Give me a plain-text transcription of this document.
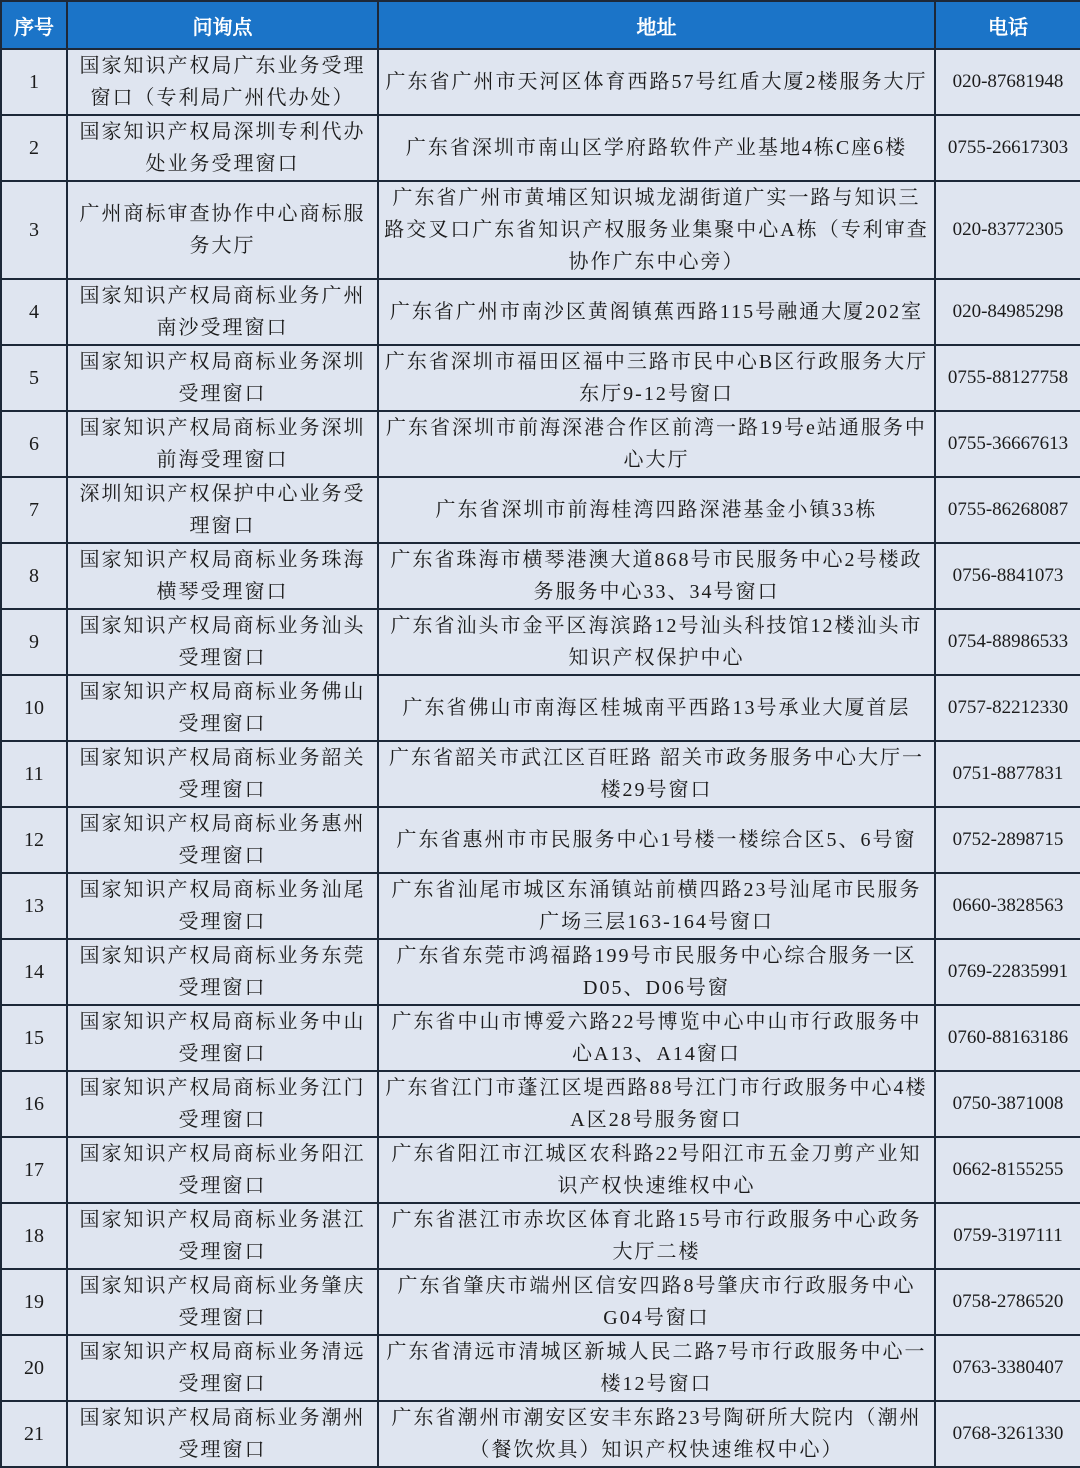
序号	问询点	地址	电话
1	国家知识产权局广东业务受理窗口（专利局广州代办处）	广东省广州市天河区体育西路57号红盾大厦2楼服务大厅	020-87681948
2	国家知识产权局深圳专利代办处业务受理窗口	广东省深圳市南山区学府路软件产业基地4栋C座6楼	0755-26617303
3	广州商标审查协作中心商标服务大厅	广东省广州市黄埔区知识城龙湖街道广实一路与知识三路交叉口广东省知识产权服务业集聚中心A栋（专利审查协作广东中心旁）	020-83772305
4	国家知识产权局商标业务广州南沙受理窗口	广东省广州市南沙区黄阁镇蕉西路115号融通大厦202室	020-84985298
5	国家知识产权局商标业务深圳受理窗口	广东省深圳市福田区福中三路市民中心B区行政服务大厅东厅9-12号窗口	0755-88127758
6	国家知识产权局商标业务深圳前海受理窗口	广东省深圳市前海深港合作区前湾一路19号e站通服务中心大厅	0755-36667613
7	深圳知识产权保护中心业务受理窗口	广东省深圳市前海桂湾四路深港基金小镇33栋	0755-86268087
8	国家知识产权局商标业务珠海横琴受理窗口	广东省珠海市横琴港澳大道868号市民服务中心2号楼政务服务中心33、34号窗口	0756-8841073
9	国家知识产权局商标业务汕头受理窗口	广东省汕头市金平区海滨路12号汕头科技馆12楼汕头市知识产权保护中心	0754-88986533
10	国家知识产权局商标业务佛山受理窗口	广东省佛山市南海区桂城南平西路13号承业大厦首层	0757-82212330
11	国家知识产权局商标业务韶关受理窗口	广东省韶关市武江区百旺路 韶关市政务服务中心大厅一楼29号窗口	0751-8877831
12	国家知识产权局商标业务惠州受理窗口	广东省惠州市市民服务中心1号楼一楼综合区5、6号窗	0752-2898715
13	国家知识产权局商标业务汕尾受理窗口	广东省汕尾市城区东涌镇站前横四路23号汕尾市民服务广场三层163-164号窗口	0660-3828563
14	国家知识产权局商标业务东莞受理窗口	广东省东莞市鸿福路199号市民服务中心综合服务一区D05、D06号窗	0769-22835991
15	国家知识产权局商标业务中山受理窗口	广东省中山市博爱六路22号博览中心中山市行政服务中心A13、A14窗口	0760-88163186
16	国家知识产权局商标业务江门受理窗口	广东省江门市蓬江区堤西路88号江门市行政服务中心4楼A区28号服务窗口	0750-3871008
17	国家知识产权局商标业务阳江受理窗口	广东省阳江市江城区农科路22号阳江市五金刀剪产业知识产权快速维权中心	0662-8155255
18	国家知识产权局商标业务湛江受理窗口	广东省湛江市赤坎区体育北路15号市行政服务中心政务大厅二楼	0759-3197111
19	国家知识产权局商标业务肇庆受理窗口	广东省肇庆市端州区信安四路8号肇庆市行政服务中心G04号窗口	0758-2786520
20	国家知识产权局商标业务清远受理窗口	广东省清远市清城区新城人民二路7号市行政服务中心一楼12号窗口	0763-3380407
21	国家知识产权局商标业务潮州受理窗口	广东省潮州市潮安区安丰东路23号陶研所大院内（潮州（餐饮炊具）知识产权快速维权中心）	0768-3261330
